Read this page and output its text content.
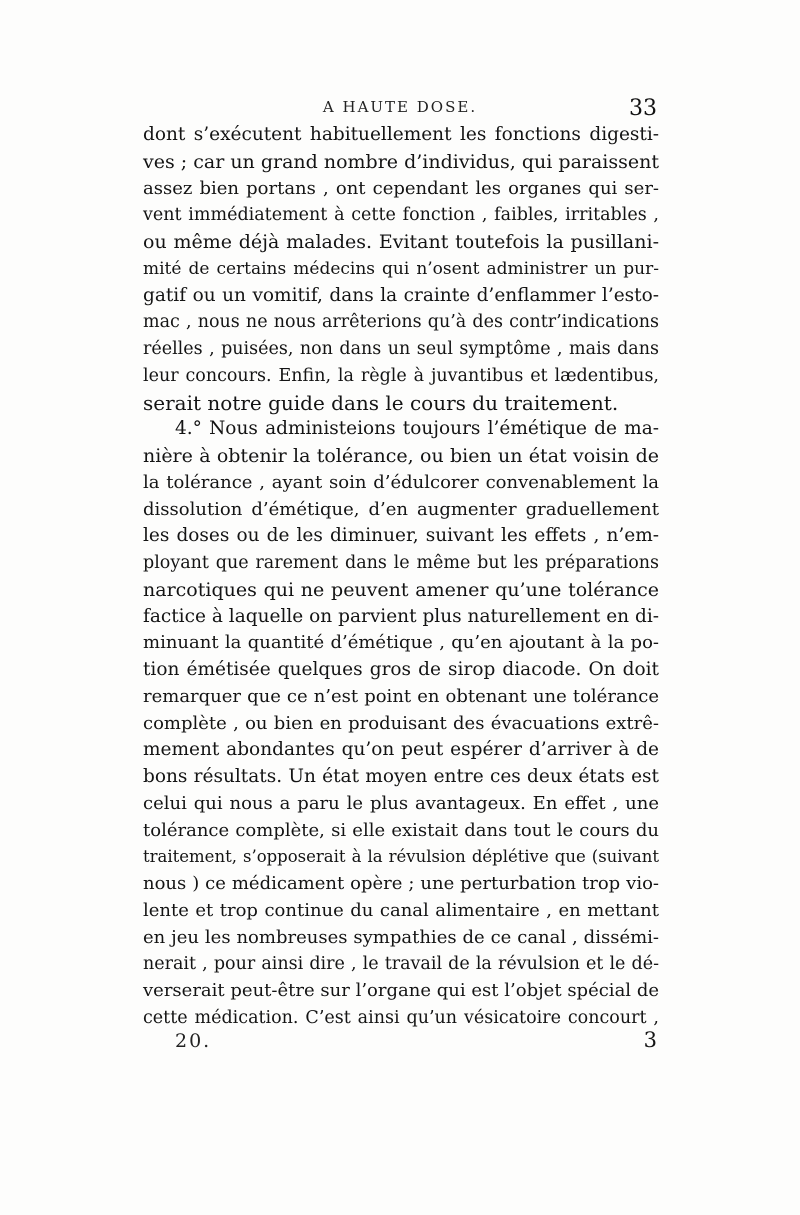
A HAUTE DOSE.	33
dont s’exécutent habituellement les fonctions digesti-
ves ; car un grand nombre d’individus, qui paraissent
assez bien portans , ont cependant les organes qui ser-
vent immédiatement à cette fonction , faibles, irritables ,
ou même déjà malades. Evitant toutefois la pusillani-
mité de certains médecins qui n’osent administrer un pur-
gatif ou un vomitif, dans la crainte d’enflammer l’esto-
mac , nous ne nous arrêterions qu’à des contr’indications
réelles , puisées, non dans un seul symptôme , mais dans
leur concours. Enfin, la règle à juvantibus et lædentibus,
serait notre guide dans le cours du traitement.
4.° Nous administeions toujours l’émétique de ma-
nière à obtenir la tolérance, ou bien un état voisin de
la tolérance , ayant soin d’édulcorer convenablement la
dissolution d’émétique, d’en augmenter graduellement
les doses ou de les diminuer, suivant les effets , n’em-
ployant que rarement dans le même but les préparations
narcotiques qui ne peuvent amener qu’une tolérance
factice à laquelle on parvient plus naturellement en di-
minuant la quantité d’émétique , qu’en ajoutant à la po-
tion émétisée quelques gros de sirop diacode. On doit
remarquer que ce n’est point en obtenant une tolérance
complète , ou bien en produisant des évacuations extrê-
mement abondantes qu’on peut espérer d’arriver à de
bons résultats. Un état moyen entre ces deux états est
celui qui nous a paru le plus avantageux. En effet , une
tolérance complète, si elle existait dans tout le cours du
traitement, s’opposerait à la révulsion déplétive que (suivant
nous ) ce médicament opère ; une perturbation trop vio-
lente et trop continue du canal alimentaire , en mettant
en jeu les nombreuses sympathies de ce canal , dissémi-
nerait , pour ainsi dire , le travail de la révulsion et le dé-
verserait peut-être sur l’organe qui est l’objet spécial de
cette médication. C’est ainsi qu’un vésicatoire concourt ,
20.	3
